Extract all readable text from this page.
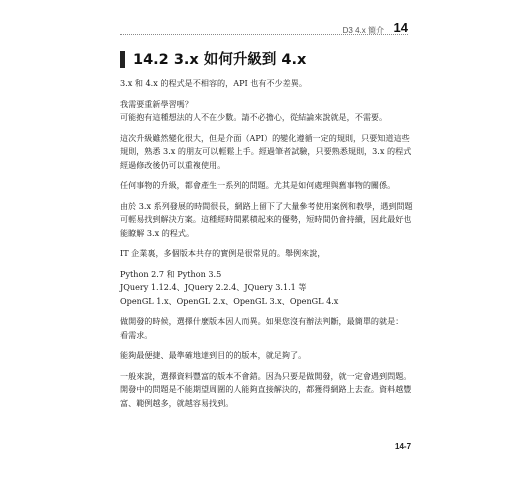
D3 4.x 簡介 14
14.2 3.x 如何升級到 4.x

3.x 和 4.x 的程式是不相容的，API 也有不少差異。

我需要重新學習嗎？

可能抱有這種想法的人不在少數。請不必擔心，從結論來說就是，不需要。

這次升級雖然變化很大，但是介面（API）的變化遵循一定的規則，只要知道這些規則，熟悉 3.x 的朋友可以輕鬆上手。經過筆者試驗，只要熟悉規則，3.x 的程式經過修改後仍可以重複使用。

任何事物的升級，都會產生一系列的問題。尤其是如何處理與舊事物的關係。

由於 3.x 系列發展的時間很長，網路上留下了大量參考使用案例和教學，遇到問題可輕易找到解決方案。這種經時間累積起來的優勢，短時間仍會持續，因此最好也能瞭解 3.x 的程式。

IT 企業裏，多個版本共存的實例是很常見的。舉例來說，

Python 2.7 和 Python 3.5

JQuery 1.12.4、JQuery 2.2.4、JQuery 3.1.1 等

OpenGL 1.x、OpenGL 2.x、OpenGL 3.x、OpenGL 4.x

做開發的時候，選擇什麼版本因人而異。如果您沒有辦法判斷，最簡單的就是：

看需求。

能夠最便捷、最準確地達到目的的版本，就足夠了。

一般來說，選擇資料豐富的版本不會錯。因為只要是做開發，就一定會遇到問題。開發中的問題是不能期望周圍的人能夠直接解決的，都獲得網路上去查。資料越豐富、範例越多，就越容易找到。

14-7
